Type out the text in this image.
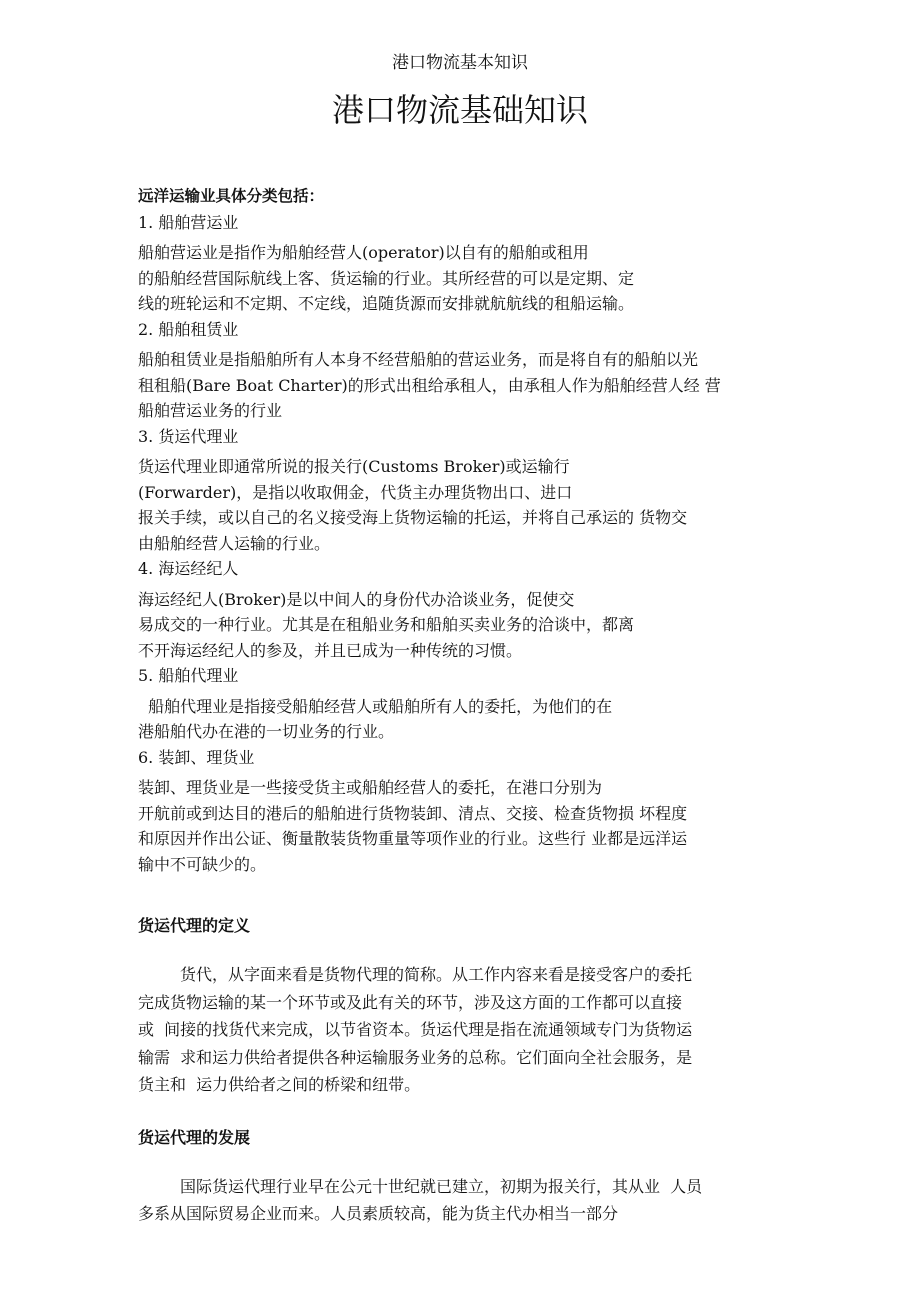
港口物流基本知识
港口物流基础知识
远洋运输业具体分类包括：
1. 船舶营运业
船舶营运业是指作为船舶经营人(operator)以自有的船舶或租用
的船舶经营国际航线上客、货运输的行业。其所经营的可以是定期、定
线的班轮运和不定期、不定线，追随货源而安排就航航线的租船运输。
2. 船舶租赁业
船舶租赁业是指船舶所有人本身不经营船舶的营运业务，而是将自有的船舶以光
租租船(Bare Boat Charter)的形式出租给承租人，由承租人作为船舶经营人经 营
船舶营运业务的行业
3. 货运代理业
货运代理业即通常所说的报关行(Customs Broker)或运输行
(Forwarder)，是指以收取佣金，代货主办理货物出口、进口
报关手续，或以自己的名义接受海上货物运输的托运，并将自己承运的 货物交
由船舶经营人运输的行业。
4. 海运经纪人
海运经纪人(Broker)是以中间人的身份代办洽谈业务，促使交
易成交的一种行业。尤其是在租船业务和船舶买卖业务的洽谈中，都离
不开海运经纪人的参及，并且已成为一种传统的习惯。
5. 船舶代理业
船舶代理业是指接受船舶经营人或船舶所有人的委托，为他们的在
港船舶代办在港的一切业务的行业。
6. 装卸、理货业
装卸、理货业是一些接受货主或船舶经营人的委托，在港口分别为
开航前或到达目的港后的船舶进行货物装卸、清点、交接、检查货物损 坏程度
和原因并作出公证、衡量散装货物重量等项作业的行业。这些行 业都是远洋运
输中不可缺少的。
货运代理的定义
货代，从字面来看是货物代理的简称。从工作内容来看是接受客户的委托
完成货物运输的某一个环节或及此有关的环节，涉及这方面的工作都可以直接
或  间接的找货代来完成，以节省资本。货运代理是指在流通领域专门为货物运
输需  求和运力供给者提供各种运输服务业务的总称。它们面向全社会服务，是
货主和  运力供给者之间的桥梁和纽带。
货运代理的发展
国际货运代理行业早在公元十世纪就已建立，初期为报关行，其从业  人员
多系从国际贸易企业而来。人员素质较高，能为货主代办相当一部分
